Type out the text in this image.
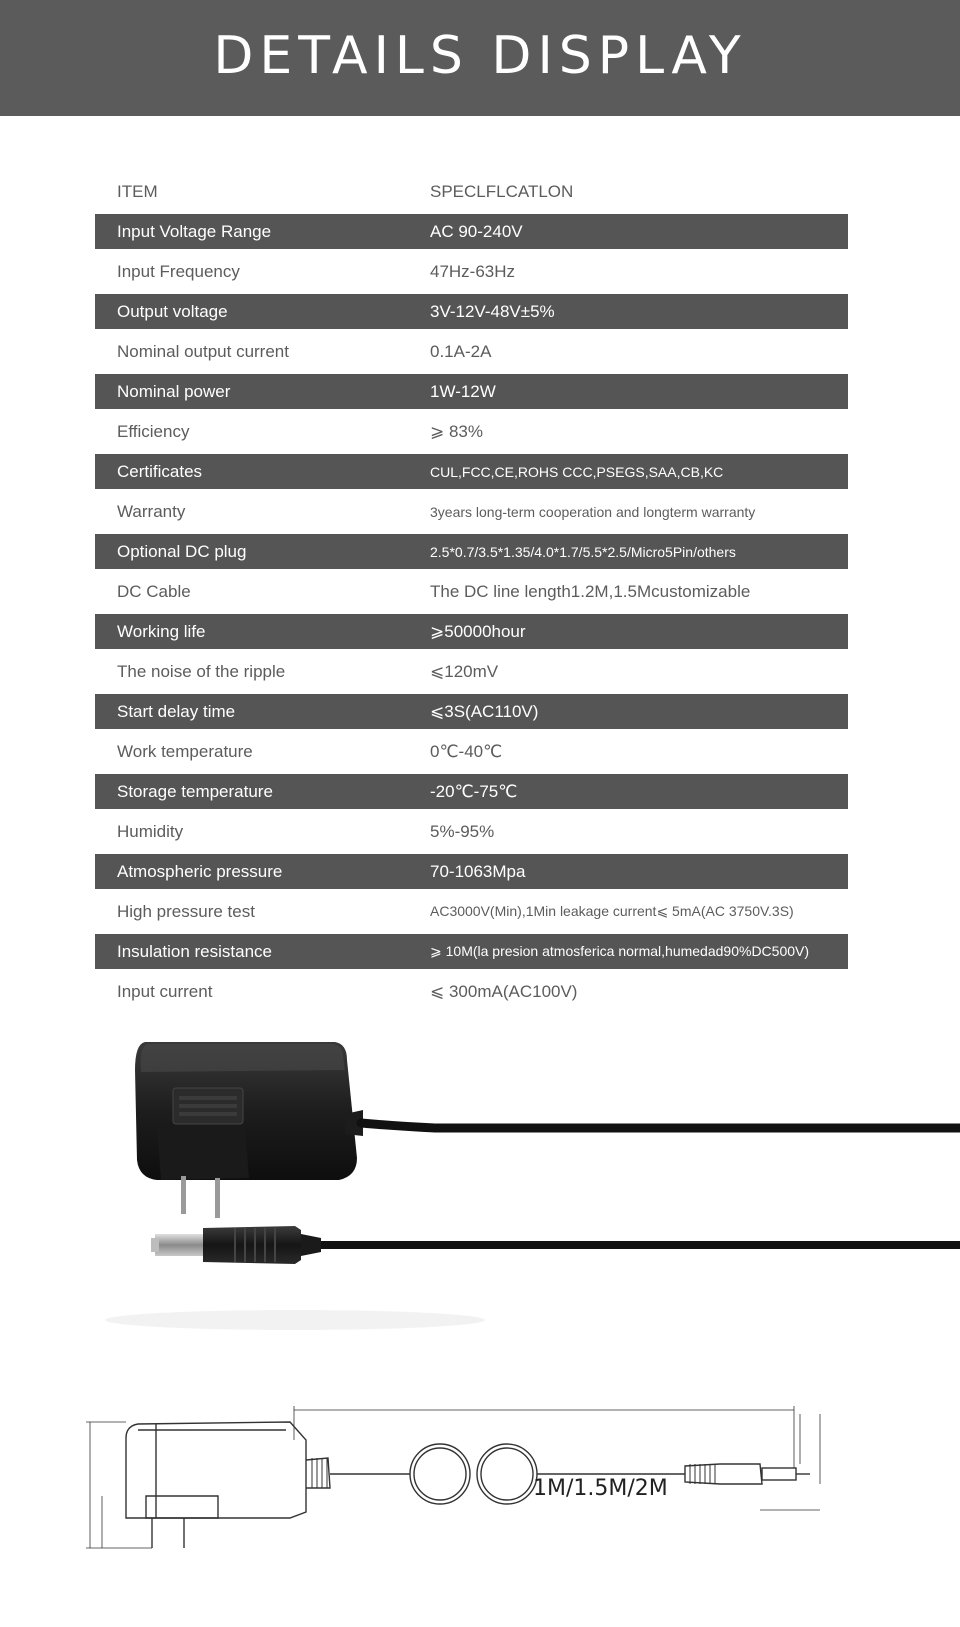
DETAILS DISPLAY
ITEM	SPECLFLCATLON
Input Voltage Range	AC 90-240V
Input Frequency	47Hz-63Hz
Output voltage	3V-12V-48V±5%
Nominal output current	0.1A-2A
Nominal power	1W-12W
Efficiency	⩾ 83%
Certificates	CUL,FCC,CE,ROHS CCC,PSEGS,SAA,CB,KC
Warranty	3years long-term cooperation and longterm warranty
Optional DC plug	2.5*0.7/3.5*1.35/4.0*1.7/5.5*2.5/Micro5Pin/others
DC Cable	The DC line length1.2M,1.5Mcustomizable
Working life	⩾50000hour
The noise of the ripple	⩽120mV
Start delay time	⩽3S(AC110V)
Work temperature	0℃-40℃
Storage temperature	-20℃-75℃
Humidity	5%-95%
Atmospheric pressure	70-1063Mpa
High pressure test	AC3000V(Min),1Min leakage current⩽ 5mA(AC 3750V.3S)
Insulation resistance	⩾ 10M(la presion atmosferica normal,humedad90%DC500V)
Input current	⩽ 300mA(AC100V)
1M/1.5M/2M
